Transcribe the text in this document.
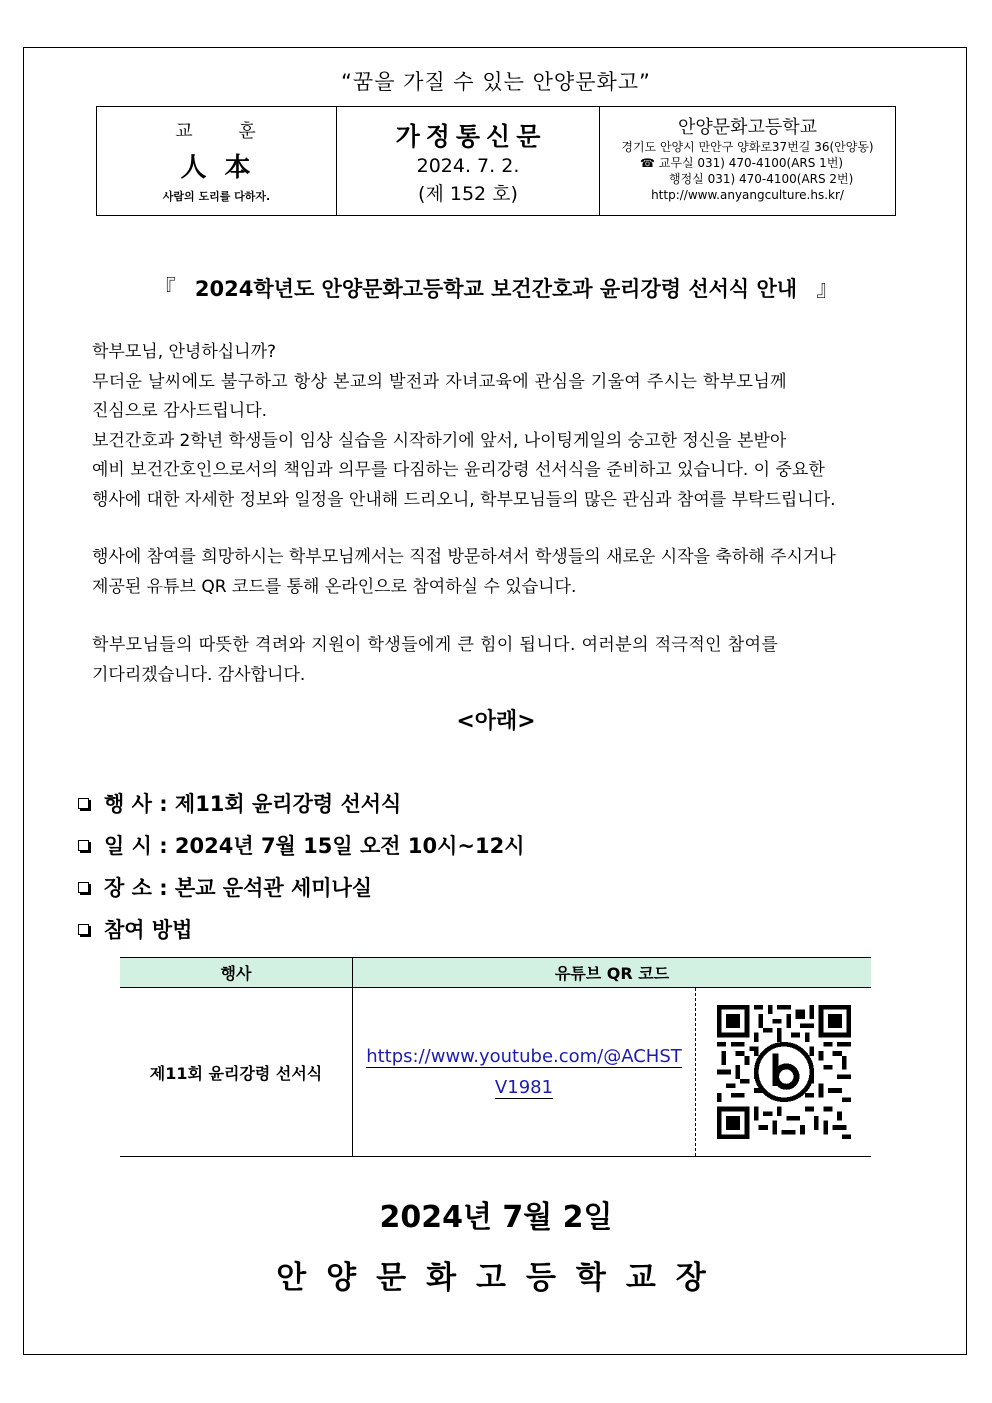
“꿈을 가질 수 있는 안양문화고”
교 훈
人本
사람의 도리를 다하자.
가정통신문
2024. 7. 2.
(제 152 호)
안양문화고등학교
경기도 안양시 만안구 양화로37번길 36(안양동)
☎ 교무실 031) 470-4100(ARS 1번)
행정실 031) 470-4100(ARS 2번)
http://www.anyangculture.hs.kr/
『 2024학년도 안양문화고등학교 보건간호과 윤리강령 선서식 안내 』
학부모님, 안녕하십니까?
무더운 날씨에도 불구하고 항상 본교의 발전과 자녀교육에 관심을 기울여 주시는 학부모님께
진심으로 감사드립니다.
보건간호과 2학년 학생들이 임상 실습을 시작하기에 앞서, 나이팅게일의 숭고한 정신을 본받아
예비 보건간호인으로서의 책임과 의무를 다짐하는 윤리강령 선서식을 준비하고 있습니다. 이 중요한
행사에 대한 자세한 정보와 일정을 안내해 드리오니, 학부모님들의 많은 관심과 참여를 부탁드립니다.
행사에 참여를 희망하시는 학부모님께서는 직접 방문하셔서 학생들의 새로운 시작을 축하해 주시거나
제공된 유튜브 QR 코드를 통해 온라인으로 참여하실 수 있습니다.
학부모님들의 따뜻한 격려와 지원이 학생들에게 큰 힘이 됩니다. 여러분의 적극적인 참여를
기다리겠습니다. 감사합니다.
<아래>
행 사 : 제11회 윤리강령 선서식
일 시 : 2024년 7월 15일 오전 10시~12시
장 소 : 본교 운석관 세미나실
참여 방법
행사	유튜브 QR 코드	
제11회 윤리강령 선서식	https://www.youtube.com/@ACHST
V1981	
2024년 7월 2일
안양문화고등학교장
